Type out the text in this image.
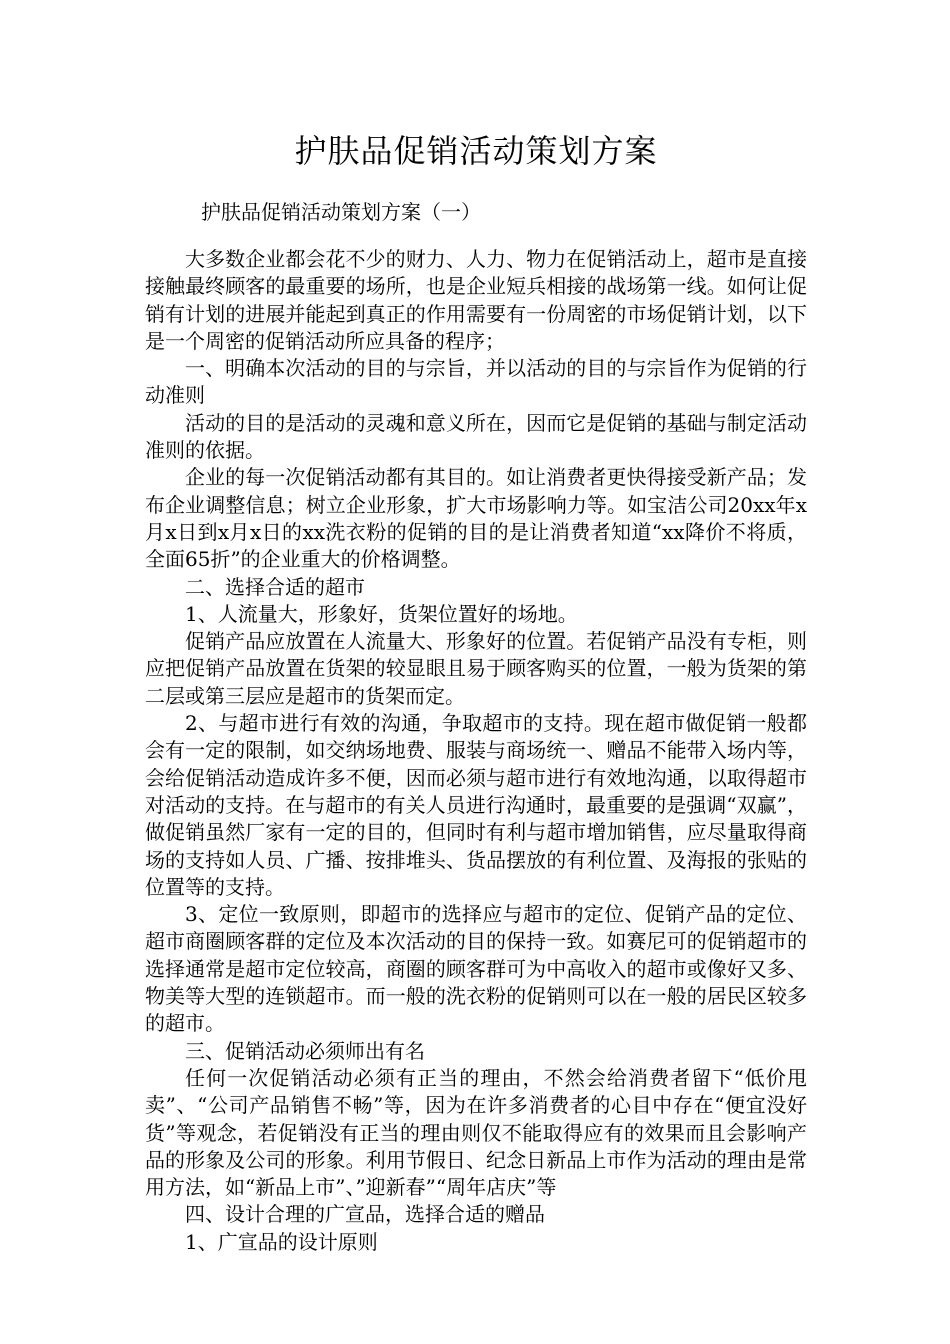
护肤品促销活动策划方案

护肤品促销活动策划方案（一）

大多数企业都会花不少的财力、人力、物力在促销活动上，超市是直接接触最终顾客的最重要的场所，也是企业短兵相接的战场第一线。如何让促销有计划的进展并能起到真正的作用需要有一份周密的市场促销计划，以下是一个周密的促销活动所应具备的程序；

一、明确本次活动的目的与宗旨，并以活动的目的与宗旨作为促销的行动准则

活动的目的是活动的灵魂和意义所在，因而它是促销的基础与制定活动准则的依据。

企业的每一次促销活动都有其目的。如让消费者更快得接受新产品；发布企业调整信息；树立企业形象，扩大市场影响力等。如宝洁公司20xx年x月x日到x月x日的xx洗衣粉的促销的目的是让消费者知道“xx降价不将质，全面65折”的企业重大的价格调整。

二、选择合适的超市

1、人流量大，形象好，货架位置好的场地。

促销产品应放置在人流量大、形象好的位置。若促销产品没有专柜，则应把促销产品放置在货架的较显眼且易于顾客购买的位置，一般为货架的第二层或第三层应是超市的货架而定。

2、与超市进行有效的沟通，争取超市的支持。现在超市做促销一般都会有一定的限制，如交纳场地费、服装与商场统一、赠品不能带入场内等，会给促销活动造成许多不便，因而必须与超市进行有效地沟通，以取得超市对活动的支持。在与超市的有关人员进行沟通时，最重要的是强调“双赢”，做促销虽然厂家有一定的目的，但同时有利与超市增加销售，应尽量取得商场的支持如人员、广播、按排堆头、货品摆放的有利位置、及海报的张贴的位置等的支持。

3、定位一致原则，即超市的选择应与超市的定位、促销产品的定位、超市商圈顾客群的定位及本次活动的目的保持一致。如赛尼可的促销超市的选择通常是超市定位较高，商圈的顾客群可为中高收入的超市或像好又多、物美等大型的连锁超市。而一般的洗衣粉的促销则可以在一般的居民区较多的超市。

三、促销活动必须师出有名

任何一次促销活动必须有正当的理由，不然会给消费者留下“低价甩卖”、“公司产品销售不畅”等，因为在许多消费者的心目中存在“便宜没好货”等观念，若促销没有正当的理由则仅不能取得应有的效果而且会影响产品的形象及公司的形象。利用节假日、纪念日新品上市作为活动的理由是常用方法，如“新品上市”、”迎新春”“周年店庆”等

四、设计合理的广宣品，选择合适的赠品

1、广宣品的设计原则
